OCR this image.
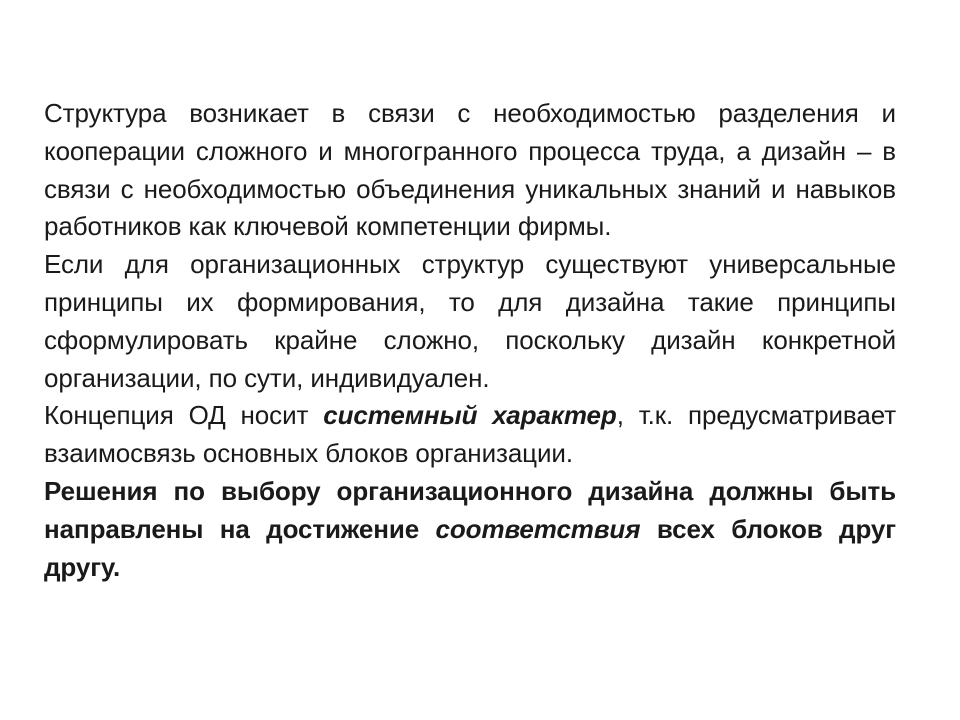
Структура возникает в связи с необходимостью разделения и кооперации сложного и многогранного процесса труда, а дизайн – в связи с необходимостью объединения уникальных знаний и навыков работников как ключевой компетенции фирмы.

Если для организационных структур существуют универсальные принципы их формирования, то для дизайна такие принципы сформулировать крайне сложно, поскольку дизайн конкретной организации, по сути, индивидуален.

Концепция ОД носит системный характер, т.к. предусматривает взаимосвязь основных блоков организации.

Решения по выбору организационного дизайна должны быть направлены на достижение соответствия всех блоков друг другу.
